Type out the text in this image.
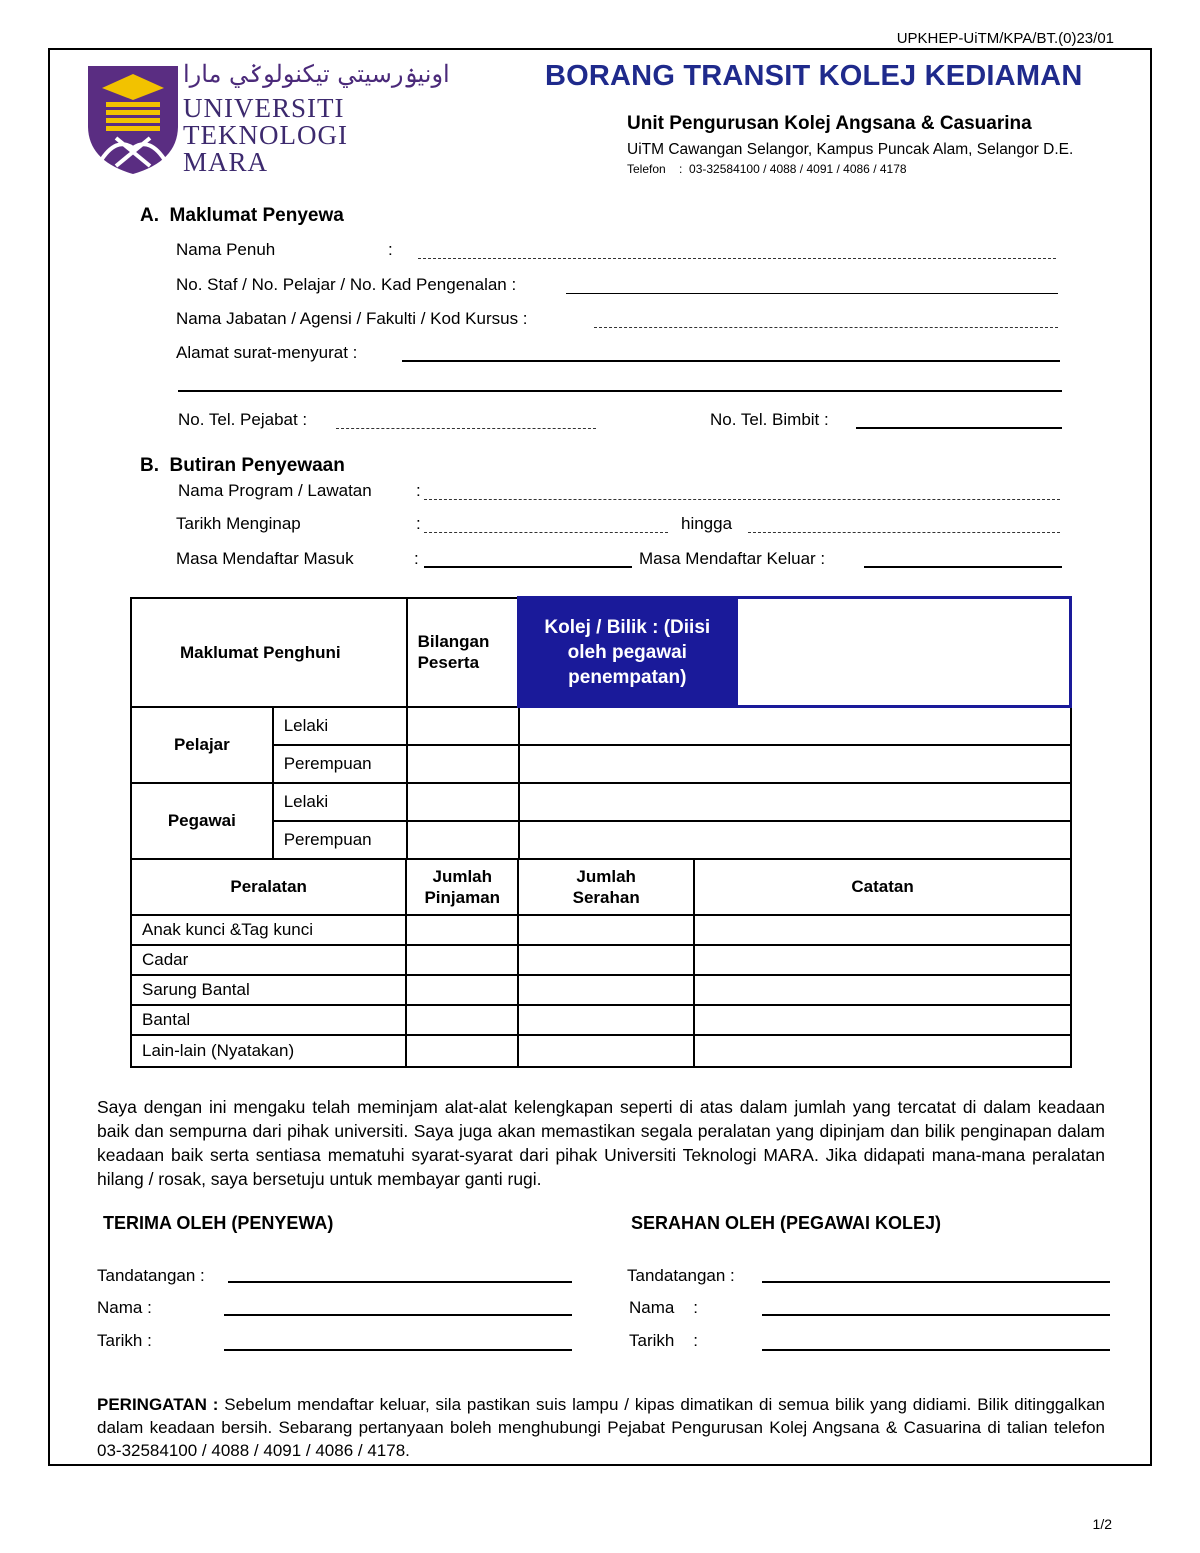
UPKHEP-UiTM/KPA/BT.(0)23/01
اونيۏرسيتي تيكنولوݢي مارا
UNIVERSITI
TEKNOLOGI
MARA
BORANG TRANSIT KOLEJ KEDIAMAN
Unit Pengurusan Kolej Angsana & Casuarina
UiTM Cawangan Selangor, Kampus Puncak Alam, Selangor D.E.
Telefon    :  03-32584100 / 4088 / 4091 / 4086 / 4178
A.  Maklumat Penyewa
Nama Penuh	:
No. Staf / No. Pelajar / No. Kad Pengenalan :
Nama Jabatan / Agensi / Fakulti / Kod Kursus :
Alamat surat-menyurat :
No. Tel. Pejabat :	No. Tel. Bimbit :
B.  Butiran Penyewaan
Nama Program / Lawatan	:
Tarikh Menginap	:	hingga
Masa Mendaftar Masuk	:	Masa Mendaftar Keluar :
Maklumat Penghuni		Bilangan Peserta	Kolej / Bilik : (Diisi oleh pegawai penempatan)	
Pelajar	Lelaki			
	Perempuan			
Pegawai	Lelaki			
	Perempuan			
Peralatan	Jumlah Pinjaman	Jumlah Serahan	Catatan
Anak kunci &Tag kunci			
Cadar			
Sarung Bantal			
Bantal			
Lain-lain (Nyatakan)			
Saya dengan ini mengaku telah meminjam alat-alat kelengkapan seperti di atas dalam jumlah yang tercatat di dalam keadaan baik dan sempurna dari pihak universiti. Saya juga akan memastikan segala peralatan yang dipinjam dan bilik penginapan dalam keadaan baik serta sentiasa mematuhi syarat-syarat dari pihak Universiti Teknologi MARA. Jika didapati mana-mana peralatan hilang / rosak, saya bersetuju untuk membayar ganti rugi.
TERIMA OLEH (PENYEWA)	SERAHAN OLEH (PEGAWAI KOLEJ)
Tandatangan :
Nama :
Tarikh :
Tandatangan :
Nama    :
Tarikh    :
PERINGATAN : Sebelum mendaftar keluar, sila pastikan suis lampu / kipas dimatikan di semua bilik yang didiami. Bilik ditinggalkan dalam keadaan bersih. Sebarang pertanyaan boleh menghubungi Pejabat Pengurusan Kolej Angsana & Casuarina di talian telefon 03-32584100 / 4088 / 4091 / 4086 / 4178.
1/2
